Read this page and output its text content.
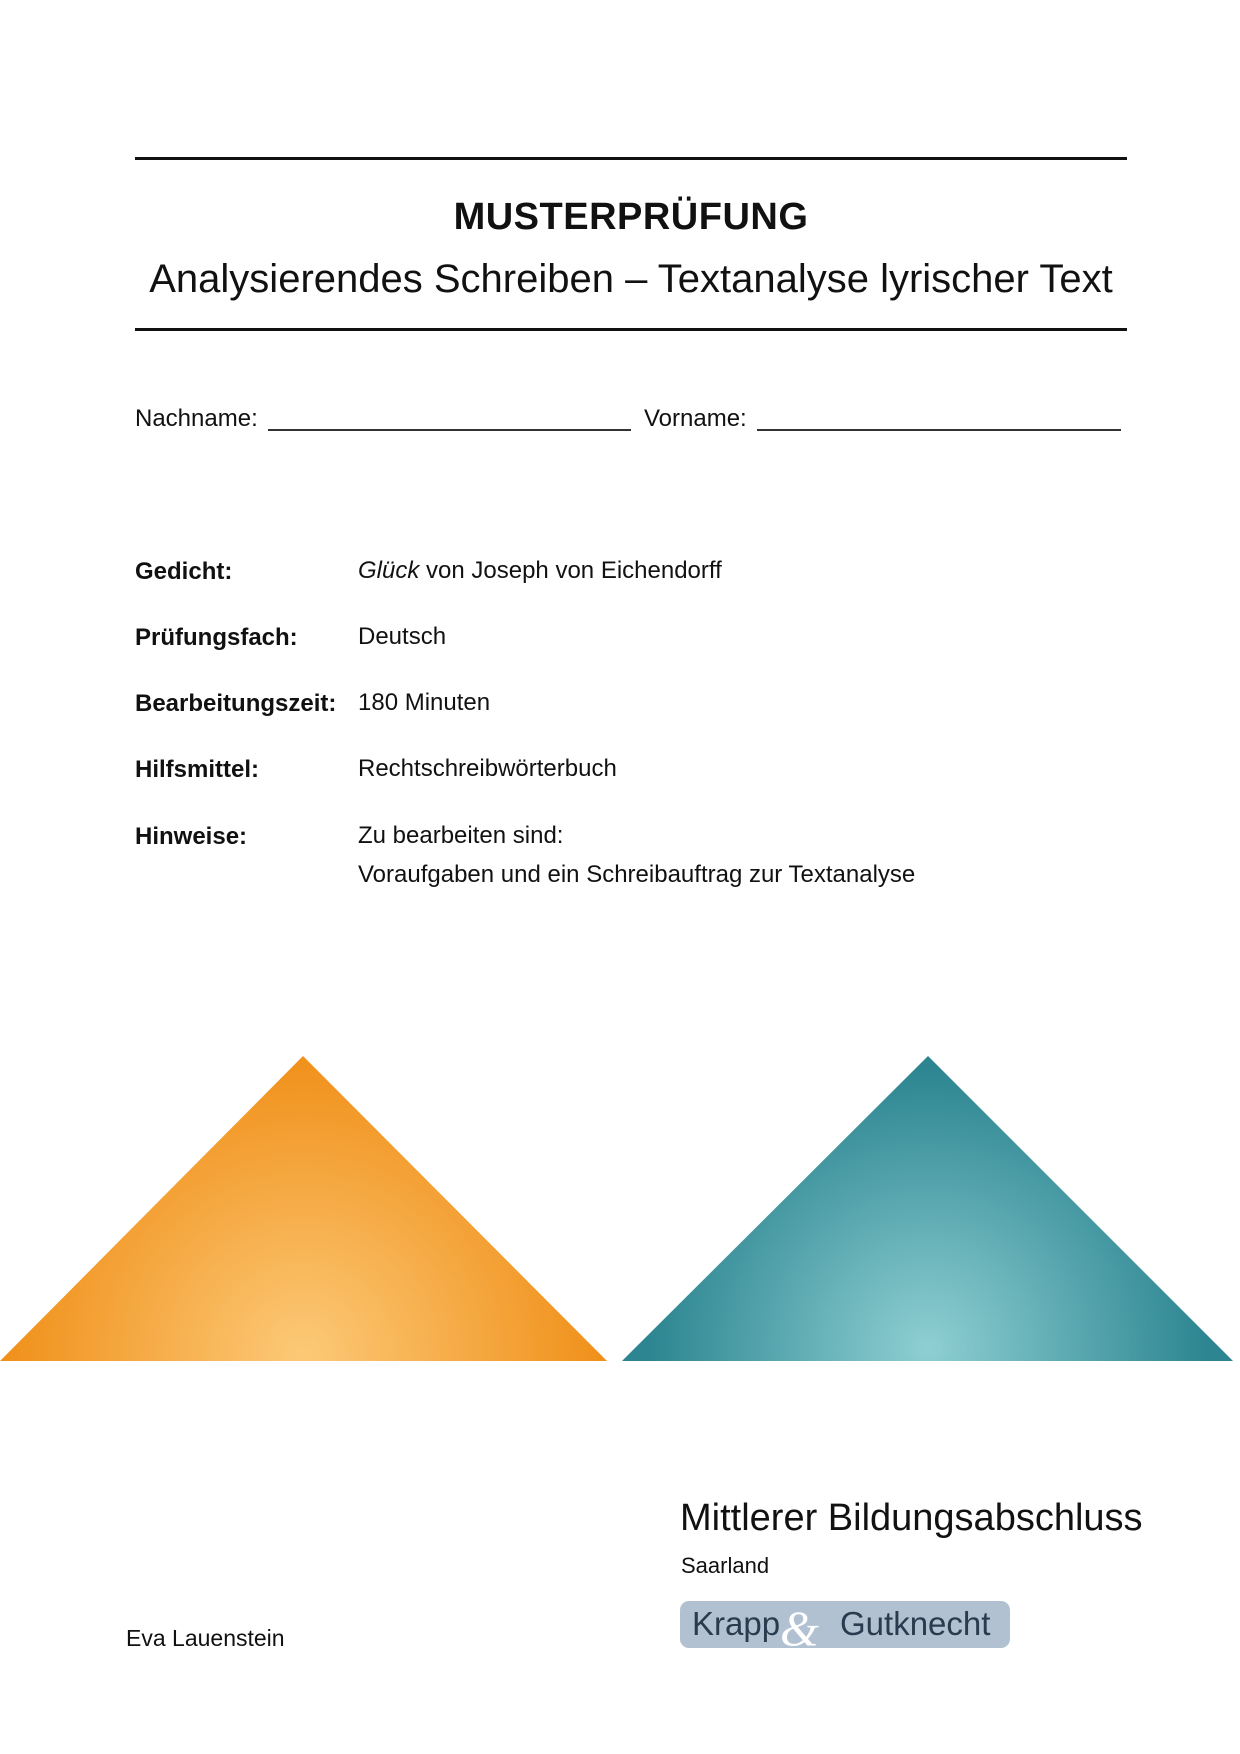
MUSTERPRÜFUNG
Analysierendes Schreiben – Textanalyse lyrischer Text
Nachname:	Vorname:
Gedicht:	Glück von Joseph von Eichendorff
Prüfungsfach:	Deutsch
Bearbeitungszeit: 180 Minuten
Hilfsmittel:	Rechtschreibwörterbuch
Hinweise:	Zu bearbeiten sind:
Voraufgaben und ein Schreibauftrag zur Textanalyse
Mittlerer Bildungsabschluss
Saarland
Eva Lauenstein	Krapp & Gutknecht
